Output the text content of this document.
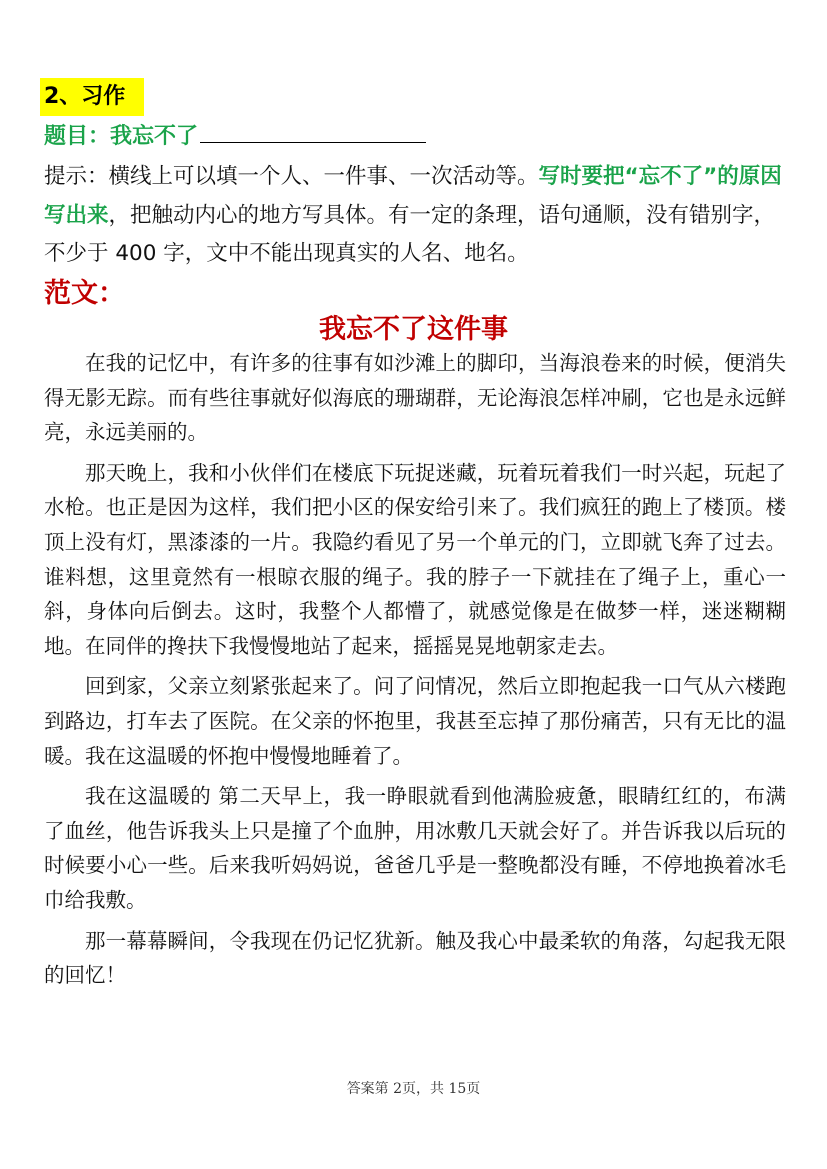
2、习作
题目：我忘不了
提示：横线上可以填一个人、一件事、一次活动等。写时要把“忘不了”的原因写出来，把触动内心的地方写具体。有一定的条理，语句通顺，没有错别字，不少于 400 字，文中不能出现真实的人名、地名。
范文：
我忘不了这件事

在我的记忆中，有许多的往事有如沙滩上的脚印，当海浪卷来的时候，便消失得无影无踪。而有些往事就好似海底的珊瑚群，无论海浪怎样冲刷，它也是永远鲜亮，永远美丽的。

那天晚上，我和小伙伴们在楼底下玩捉迷藏，玩着玩着我们一时兴起，玩起了水枪。也正是因为这样，我们把小区的保安给引来了。我们疯狂的跑上了楼顶。楼顶上没有灯，黑漆漆的一片。我隐约看见了另一个单元的门，立即就飞奔了过去。谁料想，这里竟然有一根晾衣服的绳子。我的脖子一下就挂在了绳子上，重心一斜，身体向后倒去。这时，我整个人都懵了，就感觉像是在做梦一样，迷迷糊糊地。在同伴的搀扶下我慢慢地站了起来，摇摇晃晃地朝家走去。

回到家，父亲立刻紧张起来了。问了问情况，然后立即抱起我一口气从六楼跑到路边，打车去了医院。在父亲的怀抱里，我甚至忘掉了那份痛苦，只有无比的温暖。我在这温暖的怀抱中慢慢地睡着了。

我在这温暖的 第二天早上，我一睁眼就看到他满脸疲惫，眼睛红红的，布满了血丝，他告诉我头上只是撞了个血肿，用冰敷几天就会好了。并告诉我以后玩的时候要小心一些。后来我听妈妈说，爸爸几乎是一整晚都没有睡，不停地换着冰毛巾给我敷。

那一幕幕瞬间，令我现在仍记忆犹新。触及我心中最柔软的角落，勾起我无限的回忆！

答案第 2页，共 15页
